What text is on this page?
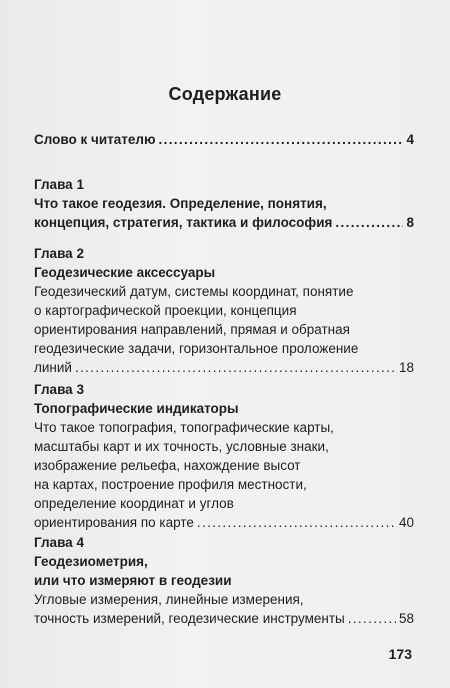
Содержание
Слово к читателю . . .	4
Глава 1
Что такое геодезия. Определение, понятия,
концепция, стратегия, тактика и философия . . .	8
Глава 2
Геодезические аксессуары
Геодезический датум, системы координат, понятие
о картографической проекции, концепция
ориентирования направлений, прямая и обратная
геодезические задачи, горизонтальное проложение
линий . . .	18
Глава 3
Топографические индикаторы
Что такое топография, топографические карты,
масштабы карт и их точность, условные знаки,
изображение рельефа, нахождение высот
на картах, построение профиля местности,
определение координат и углов
ориентирования по карте . . .	40
Глава 4
Геодезиометрия,
или что измеряют в геодезии
Угловые измерения, линейные измерения,
точность измерений, геодезические инструменты . . .	58
173
